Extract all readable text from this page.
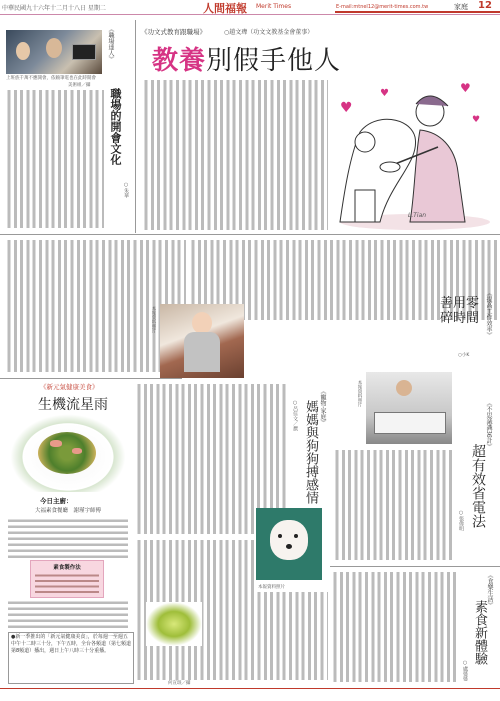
中華民國九十六年十二月十八日 星期二	人間福報 Merit Times	E-mail:mtnel12@merit-times.com.tw	家庭 12
上班族千萬不應開會，依賴筆電也在此時開會
美術組／攝
《職場達人》
職場的開會文化
○朱華
《功文式教育跟職場》	○趙文瑋（功文文教基金會董事）
教養別假手他人
♥
♥	♥
♥
L.Tian
《提高工作效率》
善用零碎時間
○小K
《新元氣健康美食》
生機流星雨
今日主廚：
大福素食餐廳　謝瑾宇師傅
素食製作法
●新一季推出的「新元氣健康美食」，於每週一至週五中午十二時三十分，下午五時，全台各頻道（第七頻道第8頻道）播出，週日上午八時三十分重播。
本報資料照片
《寵物‧家庭》
媽媽與狗狗搏感情
○呂佳文／撰
本報資料照片
何宣珉／攝
本報資料照片
《不思議識36計》
超有效省電法
○張偉明
《食樂生活》
素食新體驗
○盧婆婆
